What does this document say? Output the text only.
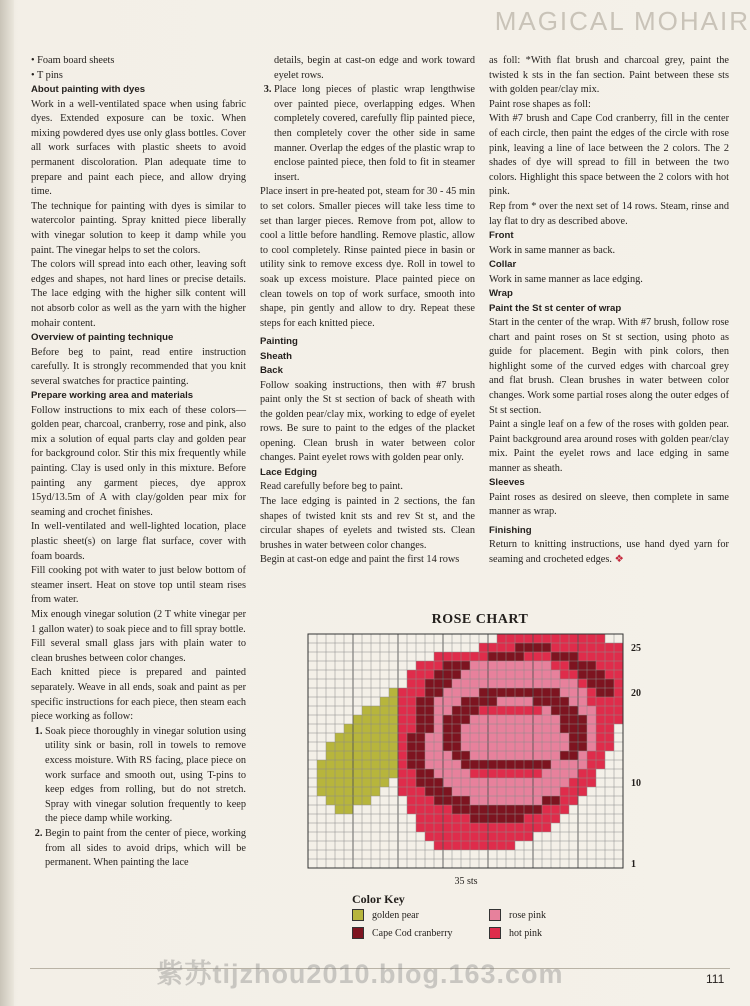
MAGICAL MOHAIR

• Foam board sheets

• T pins

About painting with dyes

Work in a well-ventilated space when using fabric dyes. Extended exposure can be toxic. When mixing powdered dyes use only glass bottles. Cover all work surfaces with plastic sheets to avoid permanent discoloration. Plan adequate time to prepare and paint each piece, and allow drying time.

The technique for painting with dyes is similar to watercolor painting. Spray knitted piece liberally with vinegar solution to keep it damp while you paint. The vinegar helps to set the colors.

The colors will spread into each other, leaving soft edges and shapes, not hard lines or precise details. The lace edging with the higher silk content will not absorb color as well as the yarn with the higher mohair content.

Overview of painting technique

Before beg to paint, read entire instruction carefully. It is strongly recommended that you knit several swatches for practice painting.

Prepare working area and materials

Follow instructions to mix each of these colors—golden pear, charcoal, cranberry, rose and pink, also mix a solution of equal parts clay and golden pear for background color. Stir this mix frequently while painting. Clay is used only in this mixture. Before painting any garment pieces, dye approx 15yd/13.5m of A with clay/golden pear mix for seaming and crochet finishes.

In well-ventilated and well-lighted location, place plastic sheet(s) on large flat surface, cover with foam boards.

Fill cooking pot with water to just below bottom of steamer insert. Heat on stove top until steam rises from water.

Mix enough vinegar solution (2 T white vinegar per 1 gallon water) to soak piece and to fill spray bottle.

Fill several small glass jars with plain water to clean brushes between color changes.

Each knitted piece is prepared and painted separately. Weave in all ends, soak and paint as per specific instructions for each piece, then steam each piece working as follow:

1. Soak piece thoroughly in vinegar solution using utility sink or basin, roll in towels to remove excess moisture. With RS facing, place piece on work surface and smooth out, using T-pins to keep edges from rolling, but do not stretch. Spray with vinegar solution frequently to keep the piece damp while working.
2. Begin to paint from the center of piece, working from all sides to avoid drips, which will be permanent. When painting the lace

details, begin at cast-on edge and work toward eyelet rows.

3. Place long pieces of plastic wrap lengthwise over painted piece, overlapping edges. When completely covered, carefully flip painted piece, then completely cover the other side in same manner. Overlap the edges of the plastic wrap to enclose painted piece, then fold to fit in steamer insert.

Place insert in pre-heated pot, steam for 30 - 45 min to set colors. Smaller pieces will take less time to set than larger pieces. Remove from pot, allow to cool a little before handling. Remove plastic, allow to cool completely. Rinse painted piece in basin or utility sink to remove excess dye. Roll in towel to soak up excess moisture. Place painted piece on clean towels on top of work surface, smooth into shape, pin gently and allow to dry. Repeat these steps for each knitted piece.

Painting

Sheath

Back

Follow soaking instructions, then with #7 brush paint only the St st section of back of sheath with the golden pear/clay mix, working to edge of eyelet rows. Be sure to paint to the edges of the placket opening. Clean brush in water between color changes. Paint eyelet rows with golden pear only.

Lace Edging

Read carefully before beg to paint.

The lace edging is painted in 2 sections, the fan shapes of twisted knit sts and rev St st, and the circular shapes of eyelets and twisted sts. Clean brushes in water between color changes.

Begin at cast-on edge and paint the first 14 rows

as foll: *With flat brush and charcoal grey, paint the twisted k sts in the fan section. Paint between these sts with golden pear/clay mix.

Paint rose shapes as foll:

With #7 brush and Cape Cod cranberry, fill in the center of each circle, then paint the edges of the circle with rose pink, leaving a line of lace between the 2 colors. The 2 shades of dye will spread to fill in between the two colors. Highlight this space between the 2 colors with hot pink.

Rep from * over the next set of 14 rows. Steam, rinse and lay flat to dry as described above.

Front

Work in same manner as back.

Collar

Work in same manner as lace edging.

Wrap

Paint the St st center of wrap

Start in the center of the wrap. With #7 brush, follow rose chart and paint roses on St st section, using photo as guide for placement. Begin with pink colors, then highlight some of the curved edges with charcoal grey and flat brush. Clean brushes in water between color changes. Work some partial roses along the outer edges of St st section.

Paint a single leaf on a few of the roses with golden pear. Paint background area around roses with golden pear/clay mix. Paint the eyelet rows and lace edging in same manner as sheath.

Sleeves

Paint roses as desired on sleeve, then complete in same manner as wrap.

Finishing

Return to knitting instructions, use hand dyed yarn for seaming and crocheted edges. ❖

ROSE CHART
25
20
10
1
35 sts
Color Key
golden pear
Cape Cod cranberry
rose pink
hot pink
紫苏tijzhou2010.blog.163.com	111
